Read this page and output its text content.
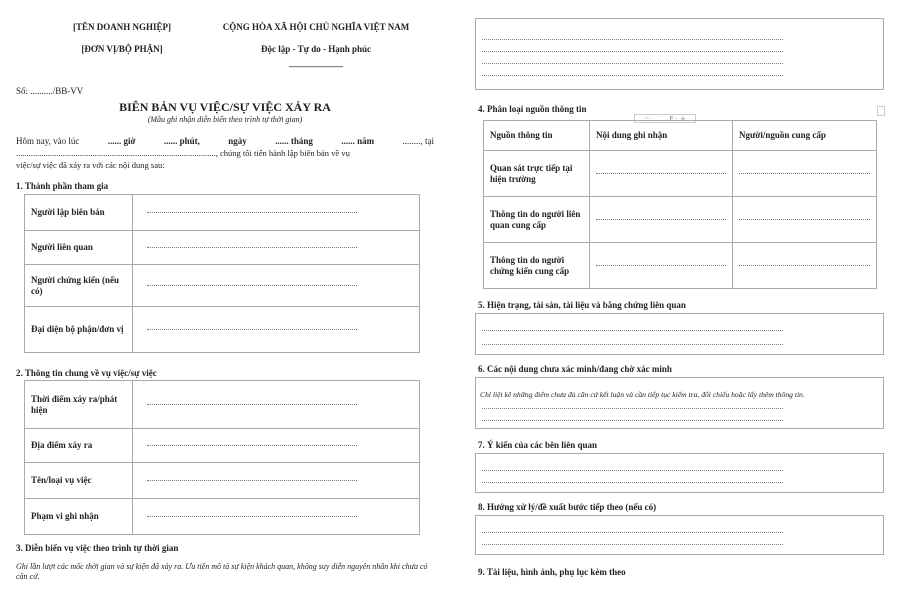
[TÊN DOANH NGHIỆP]
[ĐƠN VỊ/BỘ PHẬN]
CỘNG HÒA XÃ HỘI CHỦ NGHĨA VIỆT NAM
Độc lập - Tự do - Hạnh phúc
____________
Số: ........../BB-VV
BIÊN BẢN VỤ VIỆC/SỰ VIỆC XẢY RA
(Mẫu ghi nhận diễn biến theo trình tự thời gian)
Hôm nay, vào lúc	...... giờ	...... phút,	ngày	...... tháng	...... năm	........, tại
.............................................................................................., chúng tôi tiến hành lập biên bản về vụ
việc/sự việc đã xảy ra với các nội dung sau:
1. Thành phần tham gia
Người lập biên bản	

Người liên quan	

Người chứng kiến (nếu có)	

Đại diện bộ phận/đơn vị	
2. Thông tin chung về vụ việc/sự việc
Thời điểm xảy ra/phát hiện	

Địa điểm xảy ra	

Tên/loại vụ việc	

Phạm vi ghi nhận	
3. Diễn biến vụ việc theo trình tự thời gian
Ghi lần lượt các mốc thời gian và sự kiện đã xảy ra. Ưu tiên mô tả sự kiện khách quan, không suy diễn nguyên nhân khi chưa có căn cứ.
4. Phân loại nguồn thông tin
:::	F · +
Nguồn thông tin	Nội dung ghi nhận	Người/nguồn cung cấp
Quan sát trực tiếp tại hiện trường	

Thông tin do người liên quan cung cấp	

Thông tin do người chứng kiến cung cấp	

5. Hiện trạng, tài sản, tài liệu và bằng chứng liên quan
6. Các nội dung chưa xác minh/đang chờ xác minh
Chỉ liệt kê những điểm chưa đủ căn cứ kết luận và cần tiếp tục kiểm tra, đối chiếu hoặc lấy thêm thông tin.
7. Ý kiến của các bên liên quan
8. Hướng xử lý/đề xuất bước tiếp theo (nếu có)
9. Tài liệu, hình ảnh, phụ lục kèm theo
